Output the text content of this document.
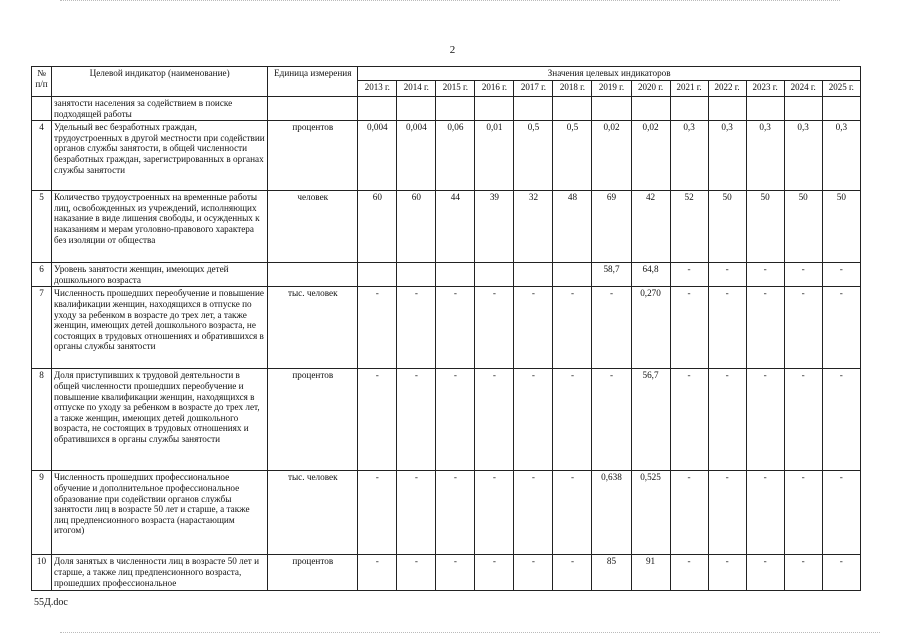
2
№ п/п	Целевой индикатор (наименование)	Единица измерения	Значения целевых индикаторов												
			2013 г.	2014 г.	2015 г.	2016 г.	2017 г.	2018 г.	2019 г.	2020 г.	2021 г.	2022 г.	2023 г.	2024 г.	2025 г.
	занятости населения за содействием в поиске подходящей работы														
4	Удельный вес безработных граждан, трудоустроенных в другой местности при содействии органов службы занятости, в общей численности безработных граждан, зарегистрированных в органах службы занятости	процентов	0,004	0,004	0,06	0,01	0,5	0,5	0,02	0,02	0,3	0,3	0,3	0,3	0,3
5	Количество трудоустроенных на временные работы лиц, освобожденных из учреждений, исполняющих наказание в виде лишения свободы, и осужденных к наказаниям и мерам уголовно-правового характера без изоляции от общества	человек	60	60	44	39	32	48	69	42	52	50	50	50	50
6	Уровень занятости женщин, имеющих детей дошкольного возраста								58,7	64,8	-	-	-	-	-
7	Численность прошедших переобучение и повышение квалификации женщин, находящихся в отпуске по уходу за ребенком в возрасте до трех лет, а также женщин, имеющих детей дошкольного возраста, не состоящих в трудовых отношениях и обратившихся в органы службы занятости	тыс. человек	-	-	-	-	-	-	-	0,270	-	-	-	-	-
8	Доля приступивших к трудовой деятельности в общей численности прошедших переобучение и повышение квалификации женщин, находящихся в отпуске по уходу за ребенком в возрасте до трех лет, а также женщин, имеющих детей дошкольного возраста, не состоящих в трудовых отношениях и обратившихся в органы службы занятости	процентов	-	-	-	-	-	-	-	56,7	-	-	-	-	-
9	Численность прошедших профессиональное обучение и дополнительное профессиональное образование при содействии органов службы занятости лиц в возрасте 50 лет и старше, а также лиц предпенсионного возраста (нарастающим итогом)	тыс. человек	-	-	-	-	-	-	0,638	0,525	-	-	-	-	-
10	Доля занятых в численности лиц в возрасте 50 лет и старше, а также лиц предпенсионного возраста, прошедших профессиональное	процентов	-	-	-	-	-	-	85	91	-	-	-	-	-
55Д.doc
